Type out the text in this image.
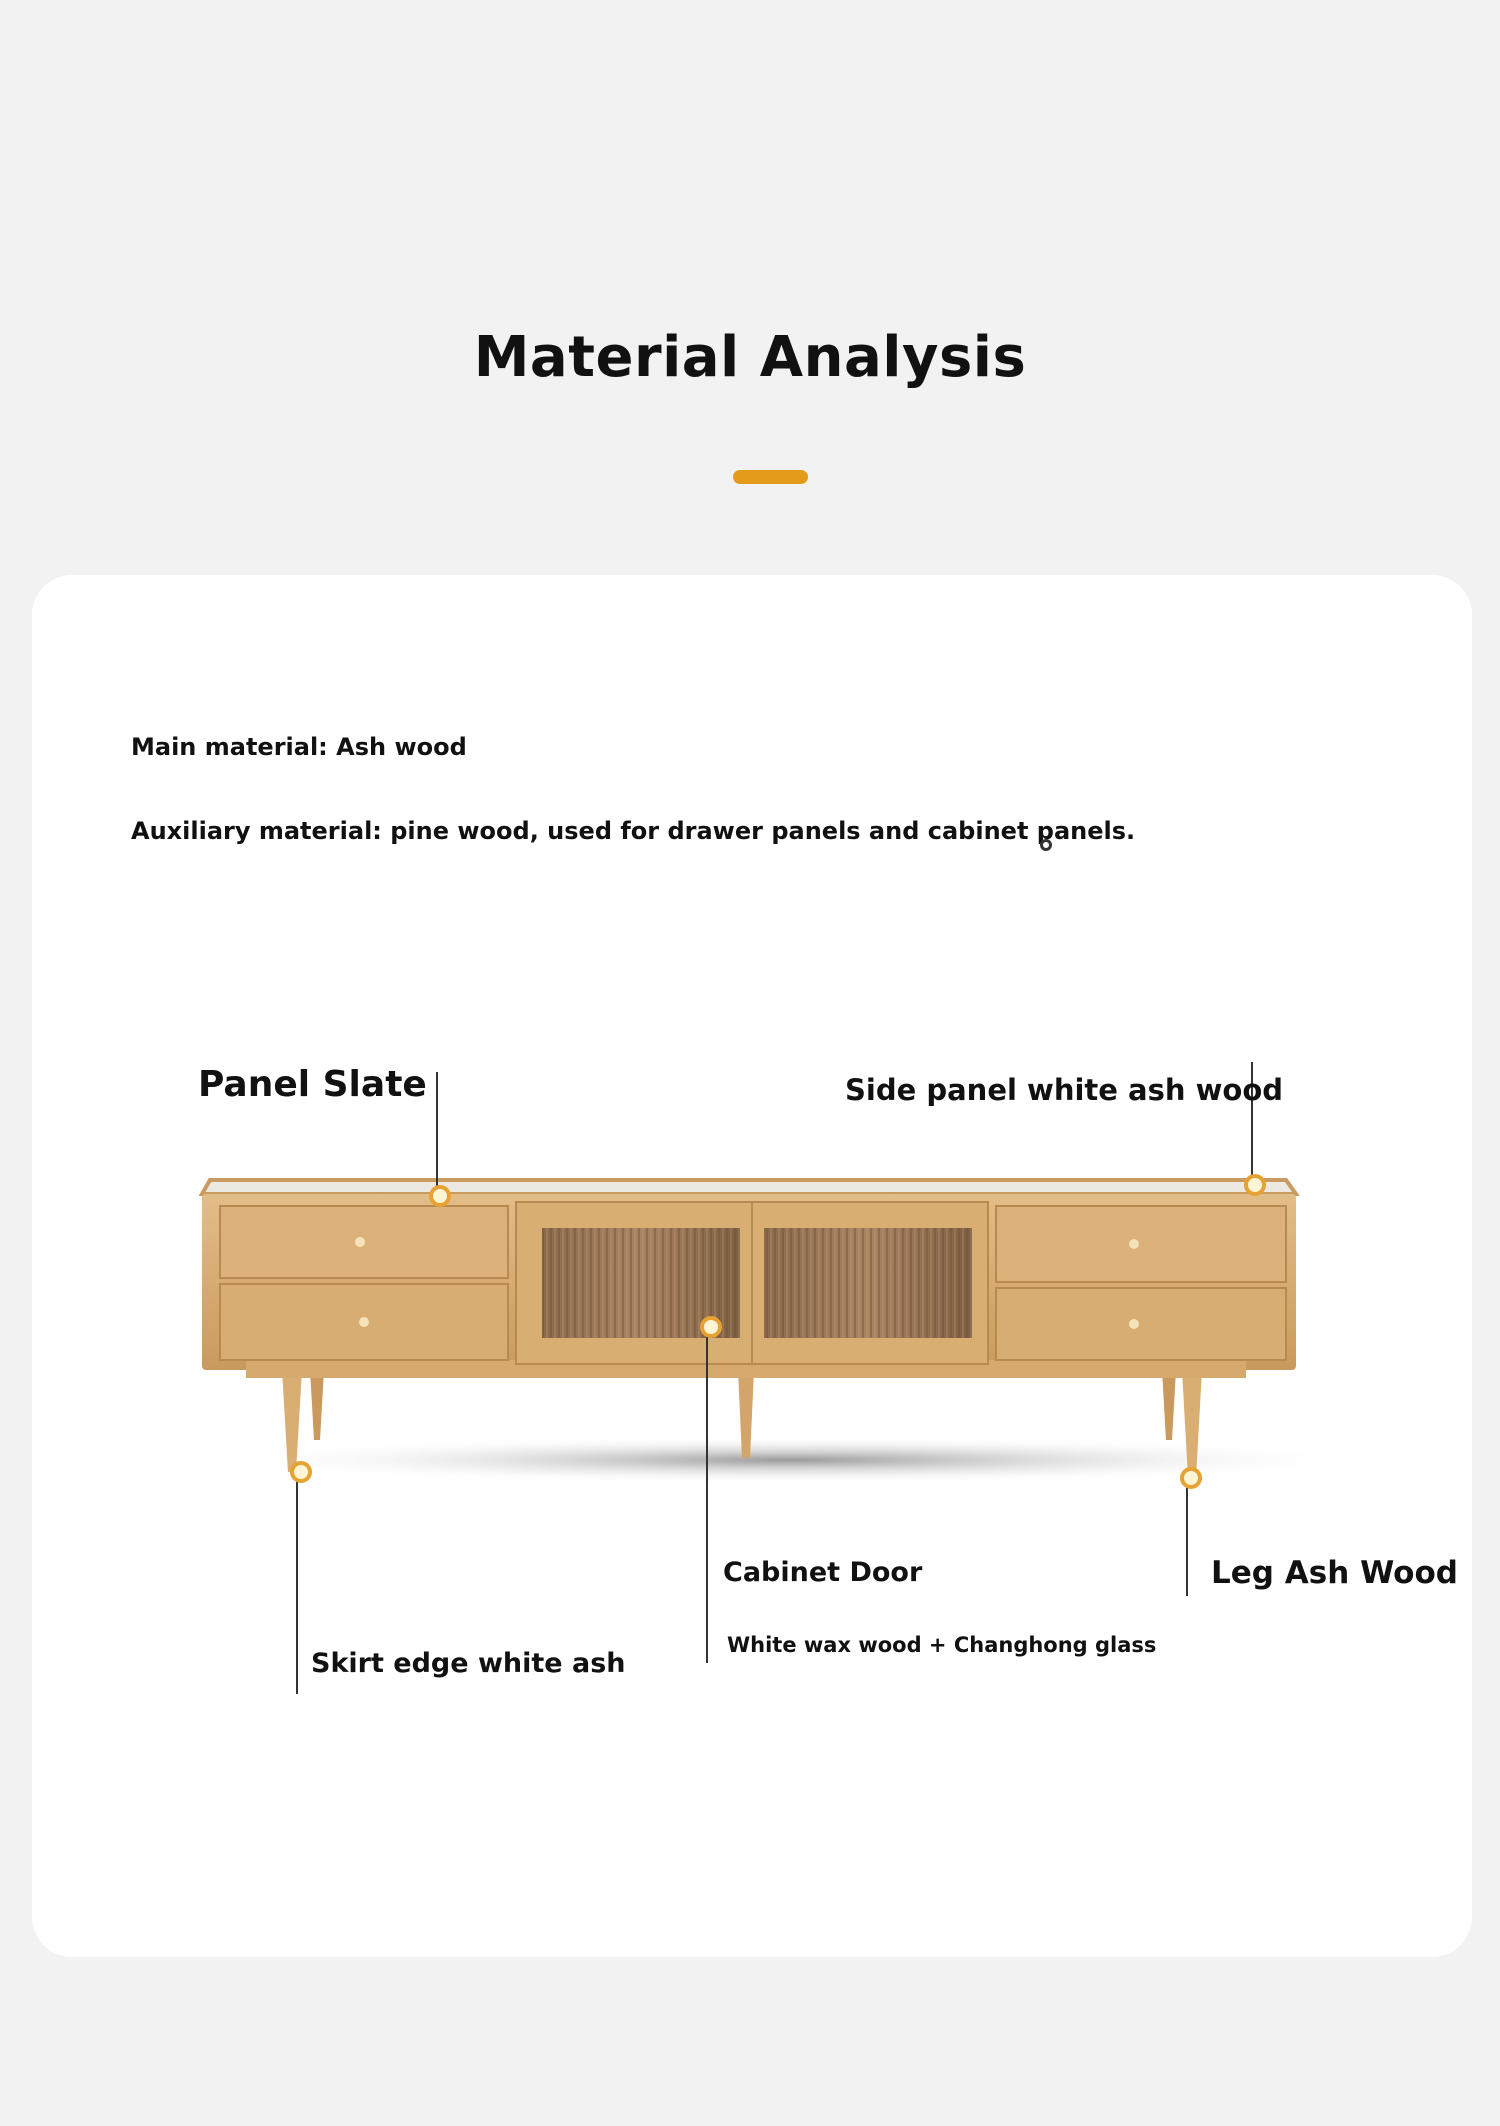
Material Analysis

Main material: Ash wood

Auxiliary material: pine wood, used for drawer panels and cabinet panels.

Panel Slate	Side panel white ash wood

Cabinet Door

White wax wood + Changhong glass

Leg Ash Wood

Skirt edge white ash
